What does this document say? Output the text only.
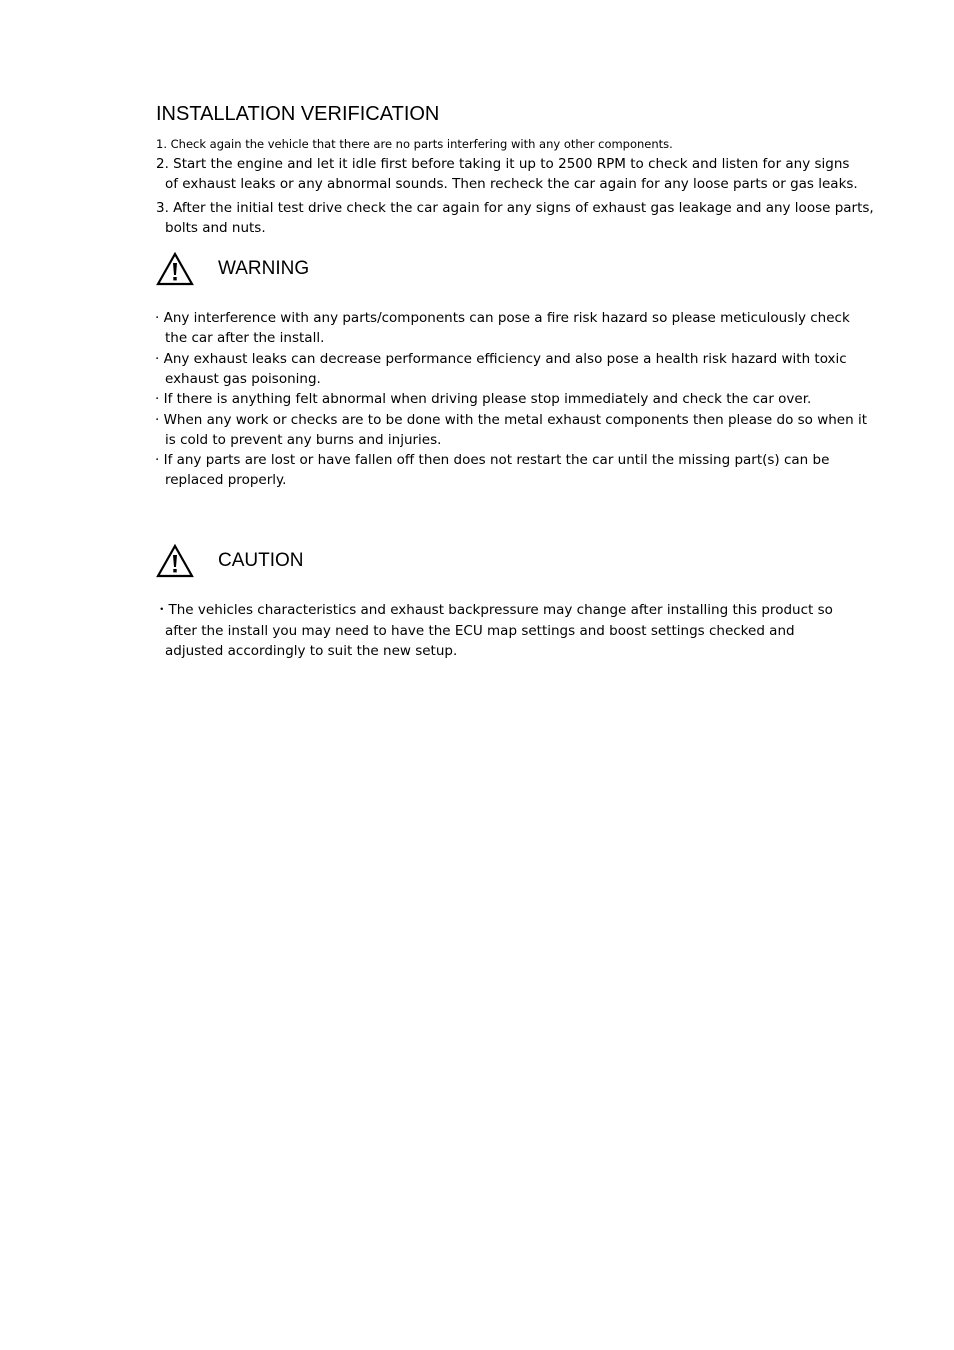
INSTALLATION VERIFICATION

1. Check again the vehicle that there are no parts interfering with any other components.

2. Start the engine and let it idle first before taking it up to 2500 RPM to check and listen for any signs
of exhaust leaks or any abnormal sounds. Then recheck the car again for any loose parts or gas leaks.

3. After the initial test drive check the car again for any signs of exhaust gas leakage and any loose parts,
bolts and nuts.

WARNING

· Any interference with any parts/components can pose a fire risk hazard so please meticulously check
the car after the install.

· Any exhaust leaks can decrease performance efficiency and also pose a health risk hazard with toxic
exhaust gas poisoning.

· If there is anything felt abnormal when driving please stop immediately and check the car over.

· When any work or checks are to be done with the metal exhaust components then please do so when it
is cold to prevent any burns and injuries.

· If any parts are lost or have fallen off then does not restart the car until the missing part(s) can be
replaced properly.

CAUTION
・The vehicles characteristics and exhaust backpressure may change after installing this product so
after the install you may need to have the ECU map settings and boost settings checked and
adjusted accordingly to suit the new setup.
